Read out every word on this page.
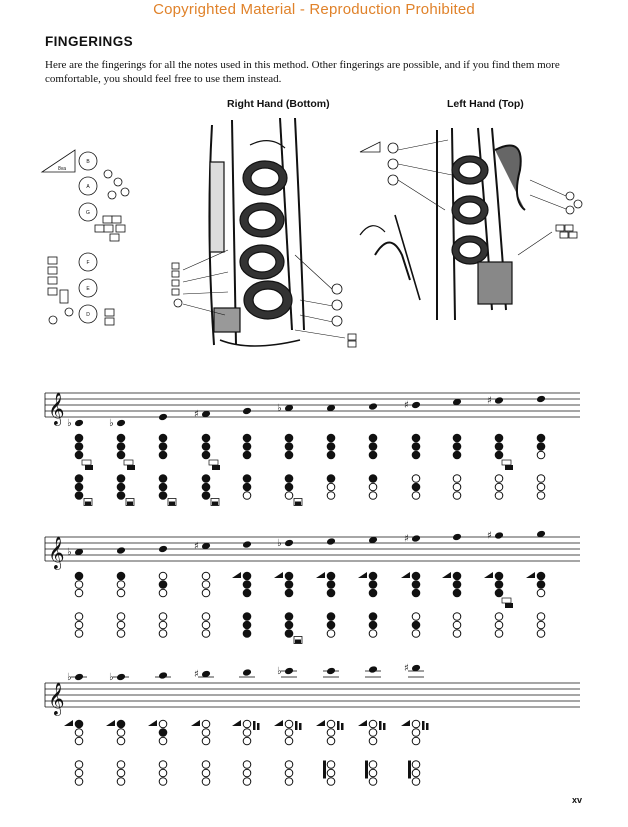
Copyrighted Material - Reproduction Prohibited
FINGERINGS
Here are the fingerings for all the notes used in this method. Other fingerings are possible, and if you find them more comfortable, you should feel free to use them instead.
Right Hand (Bottom)	Left Hand (Top)
xv
8va
B
A
G
F
E
D
𝄞 ♭	♭
♯
♭	♯	♯
𝄞 ♭
♯	♭	♯	♯
𝄞
♭	♭	♯	♭	♯
